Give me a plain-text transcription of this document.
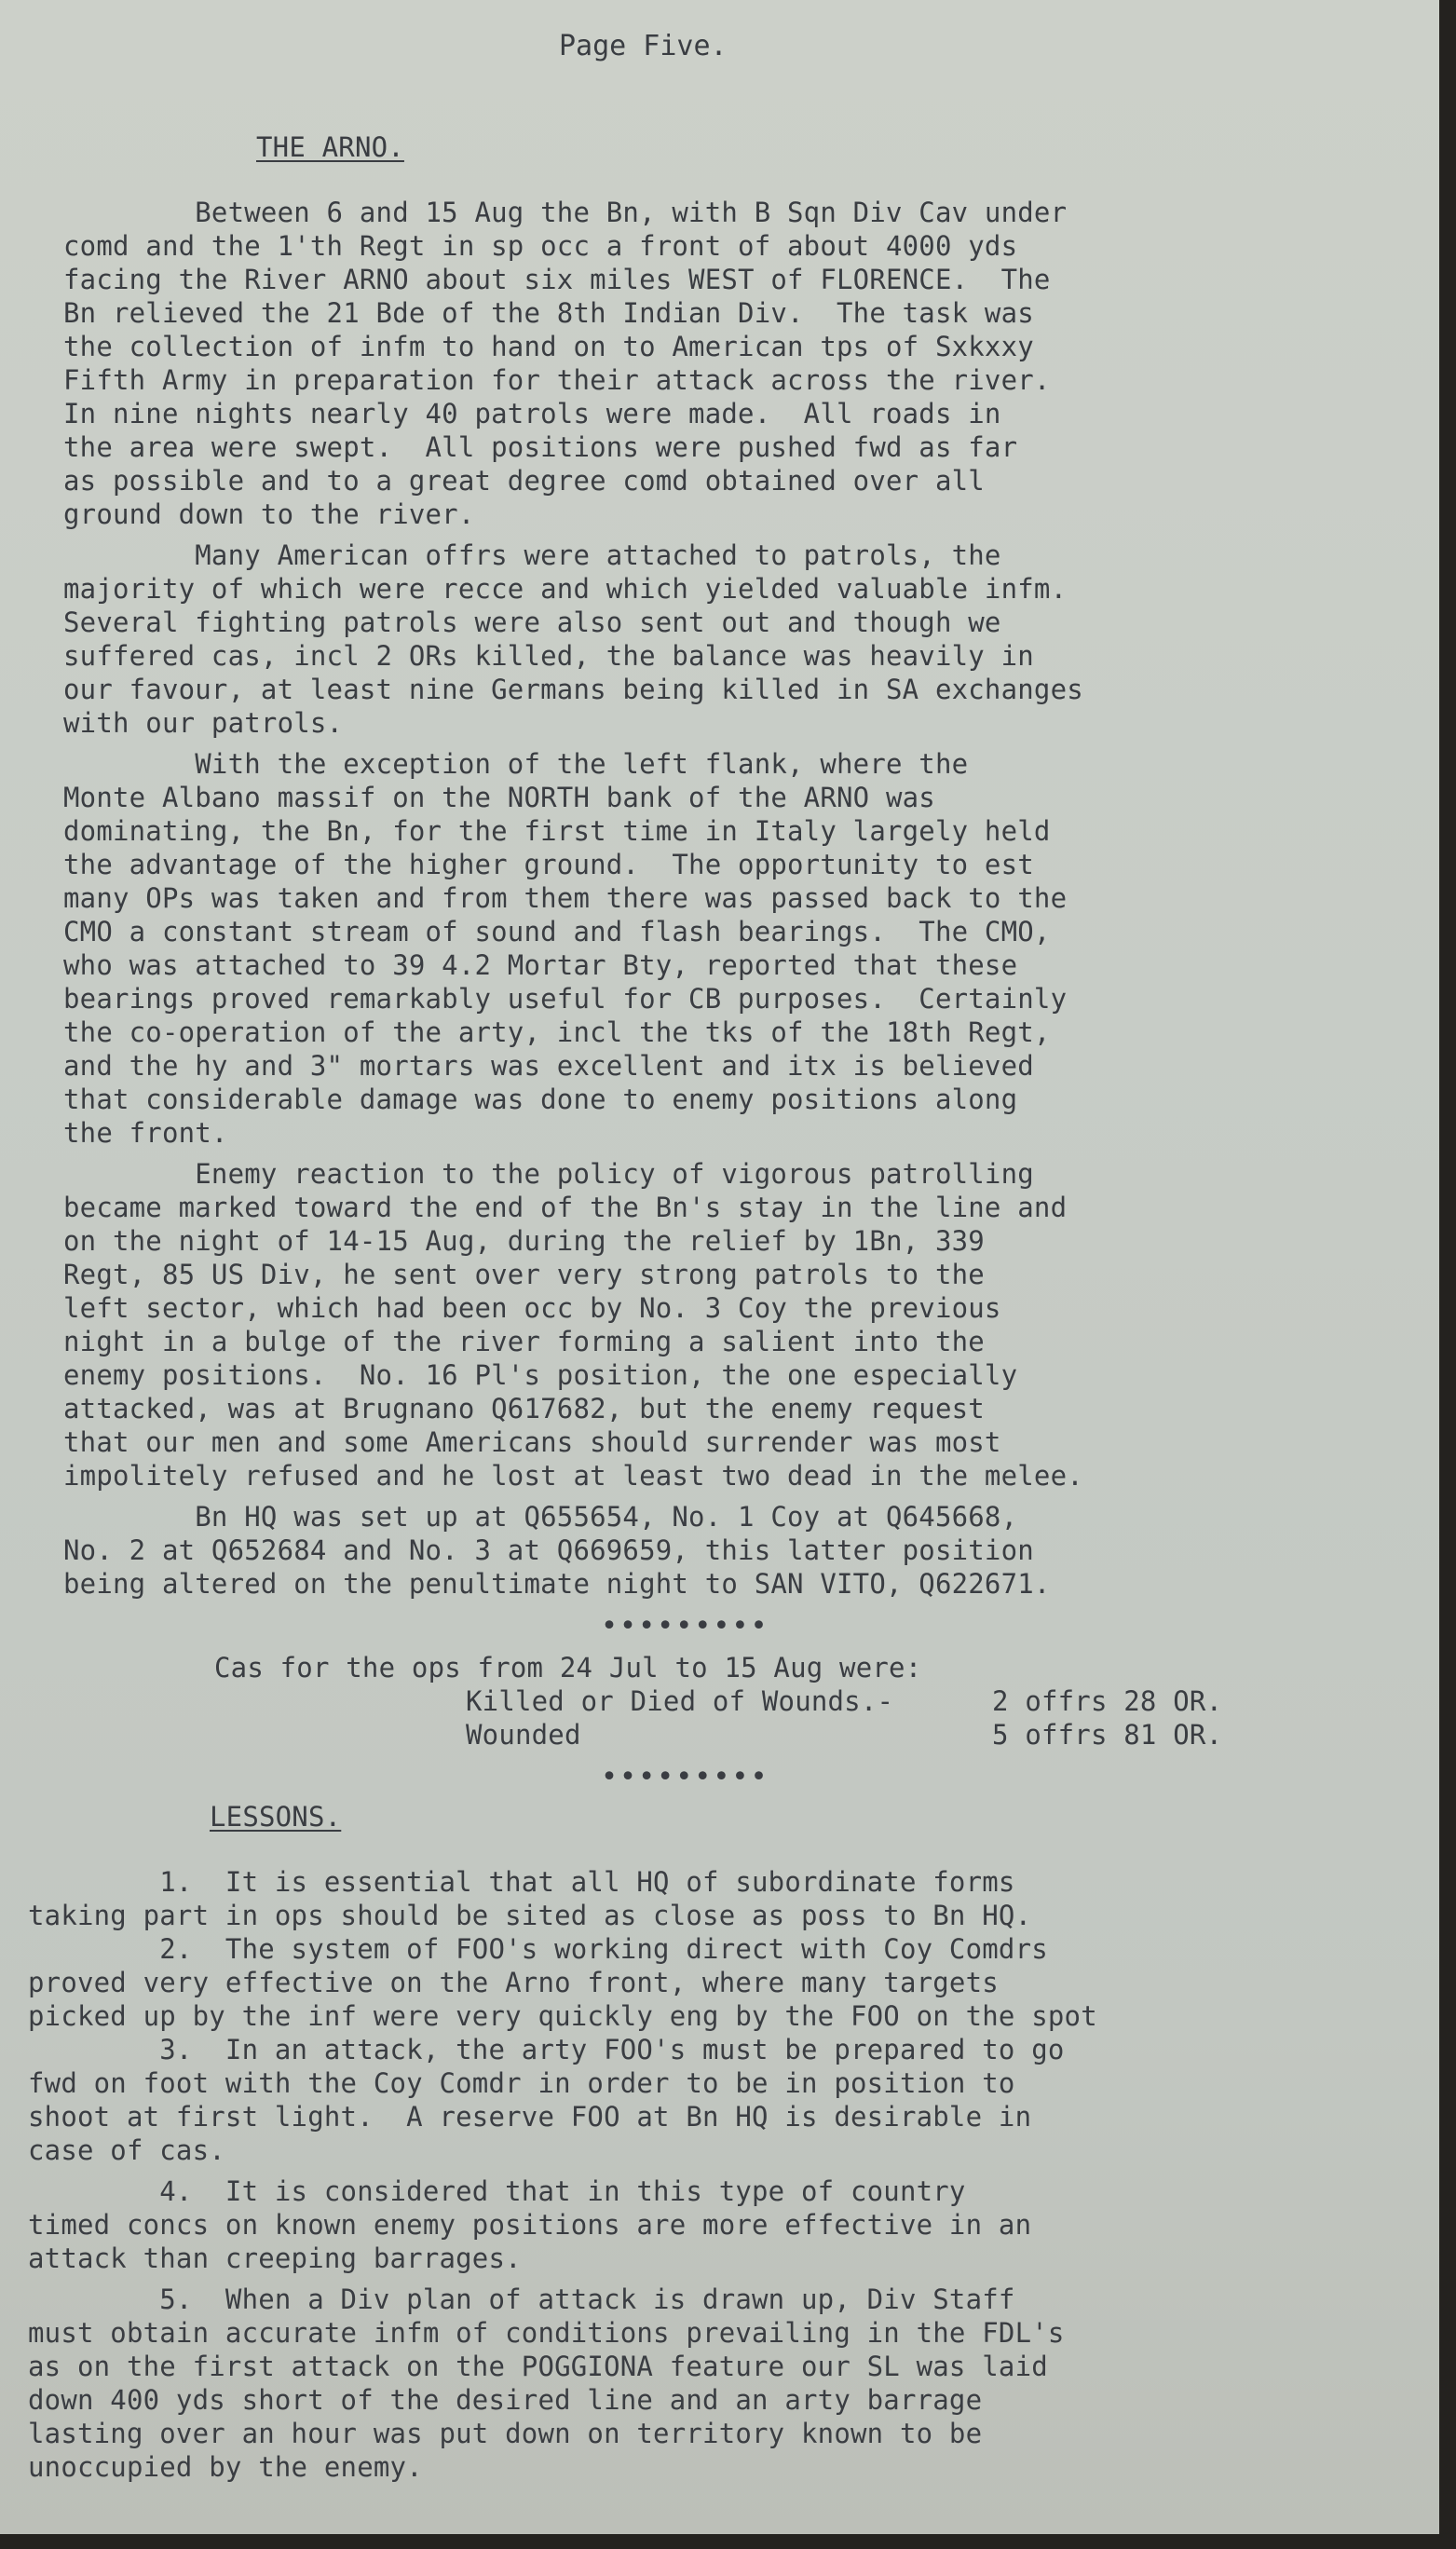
Page Five.
THE ARNO.
Between 6 and 15 Aug the Bn, with B Sqn Div Cav under
comd and the 1'th Regt in sp occ a front of about 4000 yds
facing the River ARNO about six miles WEST of FLORENCE.  The
Bn relieved the 21 Bde of the 8th Indian Div.  The task was
the collection of infm to hand on to American tps of Sxkxxy
Fifth Army in preparation for their attack across the river.
In nine nights nearly 40 patrols were made.  All roads in
the area were swept.  All positions were pushed fwd as far
as possible and to a great degree comd obtained over all
ground down to the river.
Many American offrs were attached to patrols, the
majority of which were recce and which yielded valuable infm.
Several fighting patrols were also sent out and though we
suffered cas, incl 2 ORs killed, the balance was heavily in
our favour, at least nine Germans being killed in SA exchanges
with our patrols.
With the exception of the left flank, where the
Monte Albano massif on the NORTH bank of the ARNO was
dominating, the Bn, for the first time in Italy largely held
the advantage of the higher ground.  The opportunity to est
many OPs was taken and from them there was passed back to the
CMO a constant stream of sound and flash bearings.  The CMO,
who was attached to 39 4.2 Mortar Bty, reported that these
bearings proved remarkably useful for CB purposes.  Certainly
the co-operation of the arty, incl the tks of the 18th Regt,
and the hy and 3" mortars was excellent and itx is believed
that considerable damage was done to enemy positions along
the front.
Enemy reaction to the policy of vigorous patrolling
became marked toward the end of the Bn's stay in the line and
on the night of 14-15 Aug, during the relief by 1Bn, 339
Regt, 85 US Div, he sent over very strong patrols to the
left sector, which had been occ by No. 3 Coy the previous
night in a bulge of the river forming a salient into the
enemy positions.  No. 16 Pl's position, the one especially
attacked, was at Brugnano Q617682, but the enemy request
that our men and some Americans should surrender was most
impolitely refused and he lost at least two dead in the melee.
Bn HQ was set up at Q655654, No. 1 Coy at Q645668,
No. 2 at Q652684 and No. 3 at Q669659, this latter position
being altered on the penultimate night to SAN VITO, Q622671.
•••••••••
Cas for the ops from 24 Jul to 15 Aug were:
Killed or Died of Wounds.-	2 offrs 28 OR.
Wounded	5 offrs 81 OR.
•••••••••
LESSONS.
1.  It is essential that all HQ of subordinate forms
taking part in ops should be sited as close as poss to Bn HQ.
2.  The system of FOO's working direct with Coy Comdrs
proved very effective on the Arno front, where many targets
picked up by the inf were very quickly eng by the FOO on the spot
3.  In an attack, the arty FOO's must be prepared to go
fwd on foot with the Coy Comdr in order to be in position to
shoot at first light.  A reserve FOO at Bn HQ is desirable in
case of cas.
4.  It is considered that in this type of country
timed concs on known enemy positions are more effective in an
attack than creeping barrages.
5.  When a Div plan of attack is drawn up, Div Staff
must obtain accurate infm of conditions prevailing in the FDL's
as on the first attack on the POGGIONA feature our SL was laid
down 400 yds short of the desired line and an arty barrage
lasting over an hour was put down on territory known to be
unoccupied by the enemy.
